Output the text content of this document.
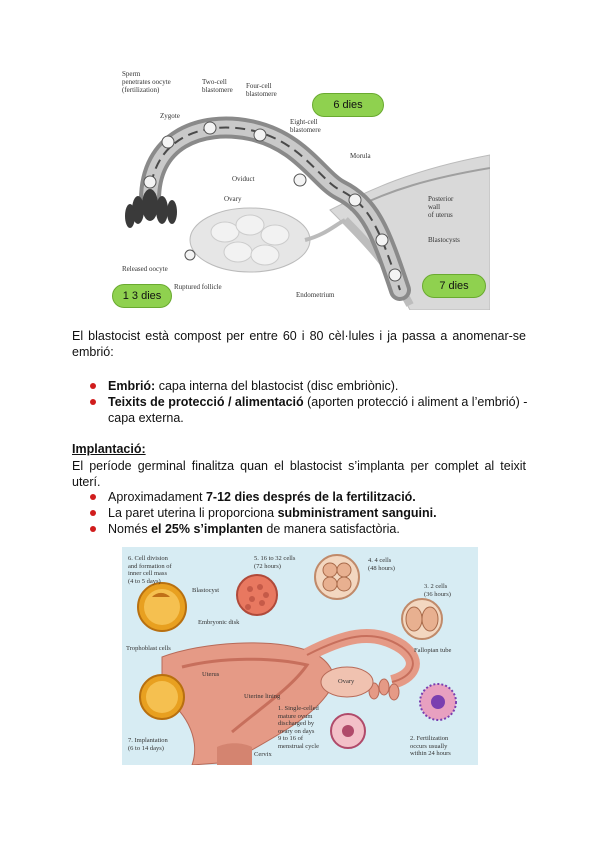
Sperm
penetrates oocyte
(fertilization)
Two-cell
blastomere Four-cell
blastomere
Zygote
Eight-cell
blastomere
Morula
Oviduct
Ovary	Posterior
wall
of uterus
Blastocysts
Released oocyte
Ruptured follicle
Endometrium
6 dies
1 3 dies
7 dies

El blastocist està compost per entre 60 i 80 cèl·lules i ja passa a anomenar-se embrió:

Embrió: capa interna del blastocist (disc embriònic).
Teixits de protecció / alimentació (aporten protecció i aliment a l’embrió) - capa externa.
Implantació:

El període germinal finalitza quan el blastocist s’implanta per complet al teixit uterí.

Aproximadament 7-12 dies després de la fertilització.
La paret uterina li proporciona subministrament sanguini.
Només el 25% s’implanten de manera satisfactòria.
6. Cell division
and formation of
inner cell mass
(4 to 5 days)
Blastocyst
Embryonic disk
5. 16 to 32 cells
(72 hours)
4. 4 cells
(48 hours)
3. 2 cells
(36 hours)
Trophoblast cells	Fallopian tube
Uterus
Ovary
Uterine lining
1. Single-celled
mature ovum
discharged by
ovary on days
9 to 16 of
menstrual cycle
7. Implantation
(6 to 14 days)
Cervix
2. Fertilization
occurs usually
within 24 hours
